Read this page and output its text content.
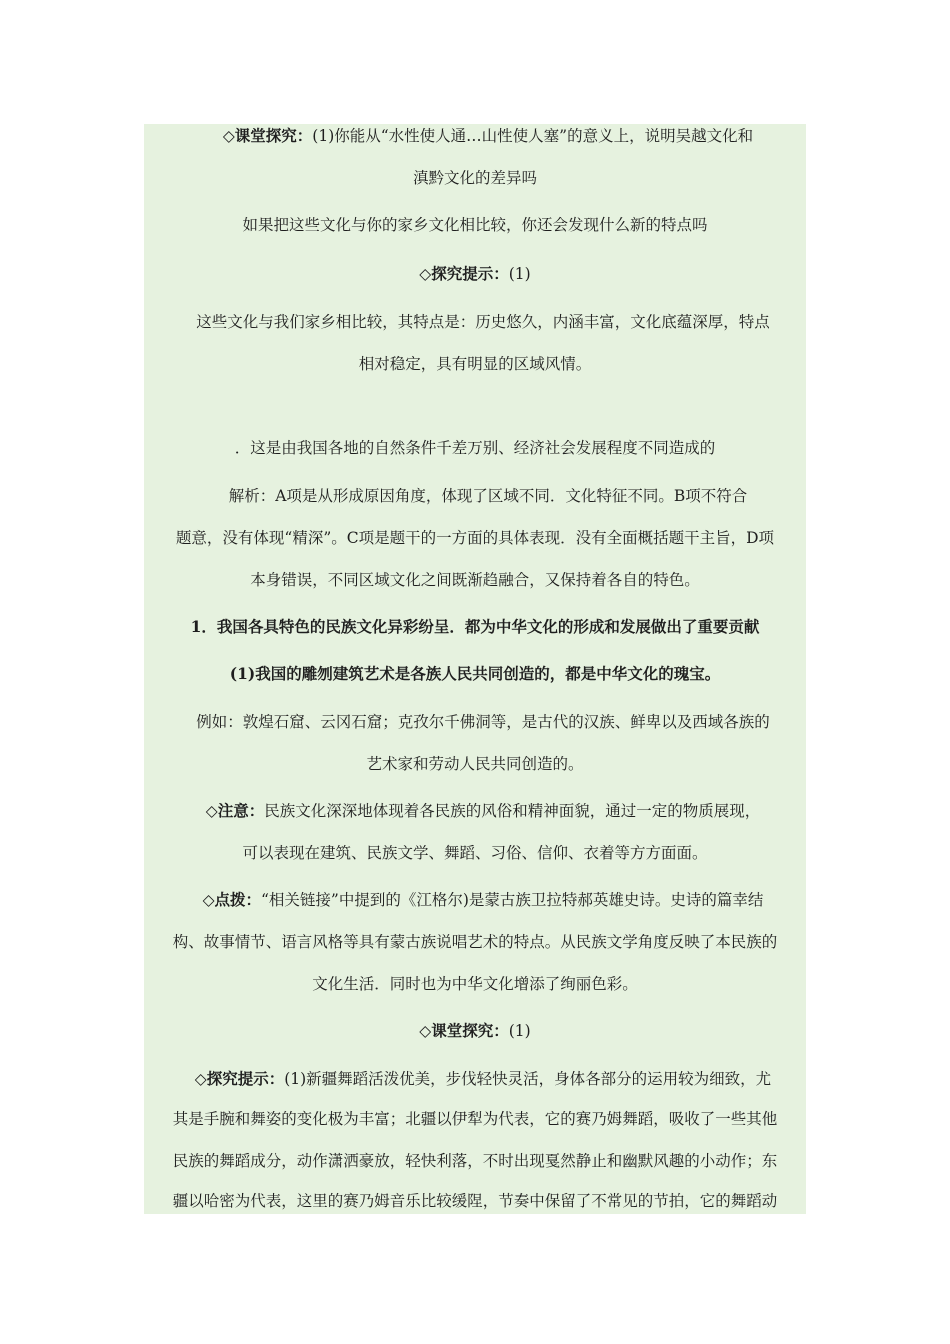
◇课堂探究：(1)你能从“水性使人通…山性使人塞”的意义上，说明吴越文化和
滇黔文化的差异吗
如果把这些文化与你的家乡文化相比较，你还会发现什么新的特点吗
◇探究提示：(1)
这些文化与我们家乡相比较，其特点是：历史悠久，内涵丰富，文化底蕴深厚，特点
相对稳定，具有明显的区域风情。
．这是由我国各地的自然条件千差万别、经济社会发展程度不同造成的
解析：A项是从形成原因角度，体现了区域不同．文化特征不同。B项不符合
题意，没有体现“精深”。C项是题干的一方面的具体表现．没有全面概括题干主旨，D项
本身错误，不同区域文化之间既渐趋融合，又保持着各自的特色。
1．我国各具特色的民族文化异彩纷呈．都为中华文化的形成和发展做出了重要贡献
(1)我国的雕刎建筑艺术是各族人民共同创造的，都是中华文化的瑰宝。
例如：敦煌石窟、云冈石窟；克孜尔千佛洞等，是古代的汉族、鲜卑以及西域各族的
艺术家和劳动人民共同创造的。
◇注意：民族文化深深地体现着各民族的风俗和精神面貌，通过一定的物质展现，
可以表现在建筑、民族文学、舞蹈、习俗、信仰、衣着等方方面面。
◇点拨：“相关链接”中提到的《江格尔)是蒙古族卫拉特郝英雄史诗。史诗的篇幸结
构、故事情节、语言风格等具有蒙古族说唱艺术的特点。从民族文学角度反映了本民族的
文化生活．同时也为中华文化增添了绚丽色彩。
◇课堂探究：(1)
◇探究提示：(1)新疆舞蹈活泼优美，步伐轻快灵活，身体各部分的运用较为细致，尤
其是手腕和舞姿的变化极为丰富；北疆以伊犁为代表，它的赛乃姆舞蹈，吸收了一些其他
民族的舞蹈成分，动作潇洒豪放，轻快利落，不时出现戛然静止和幽默风趣的小动作；东
疆以哈密为代表，这里的赛乃姆音乐比较缓陧，节奏中保留了不常见的节拍，它的舞蹈动
